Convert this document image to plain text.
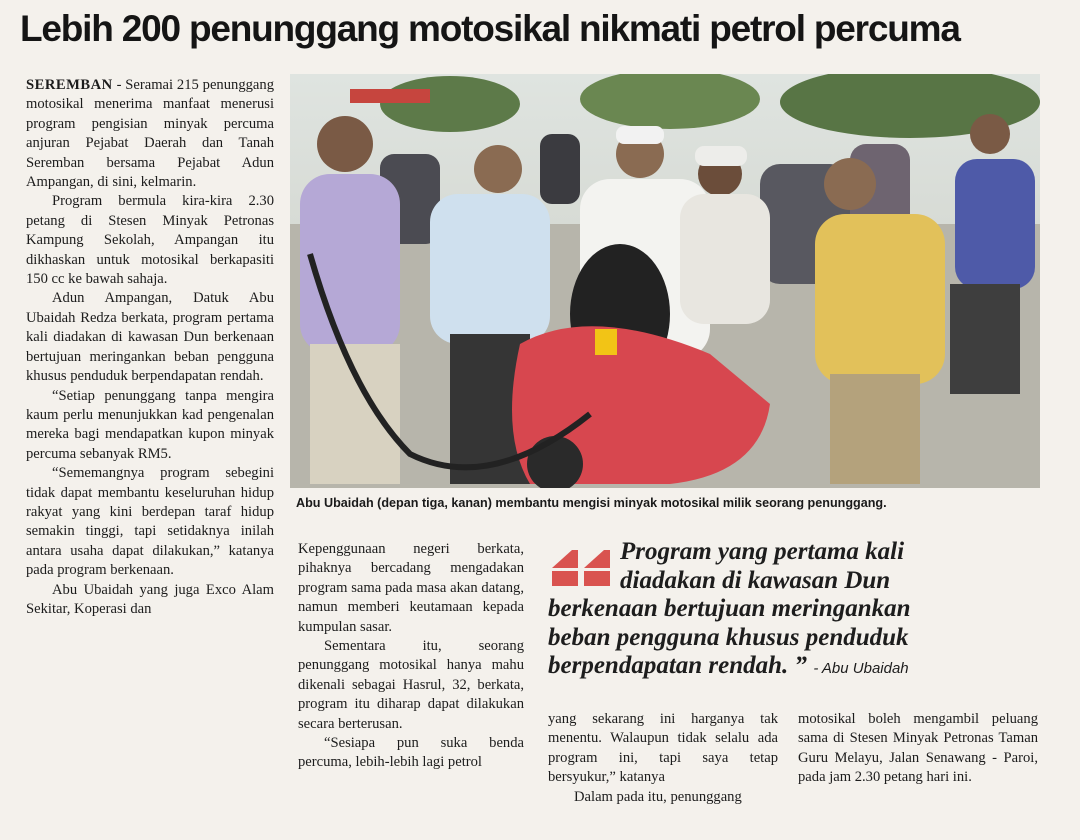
Lebih 200 penunggang motosikal nikmati petrol percuma

SEREMBAN - Seramai 215 penunggang motosikal menerima manfaat menerusi program pengisian minyak percuma anjuran Pejabat Daerah dan Tanah Seremban bersama Pejabat Adun Ampangan, di sini, kelmarin.

Program bermula kira-kira 2.30 petang di Stesen Minyak Petronas Kampung Sekolah, Ampangan itu dikhaskan untuk motosikal berkapasiti 150 cc ke bawah sahaja.

Adun Ampangan, Datuk Abu Ubaidah Redza berkata, program pertama kali diadakan di kawasan Dun berkenaan bertujuan meringankan beban pengguna khusus penduduk berpendapatan rendah.

“Setiap penunggang tanpa mengira kaum perlu menunjukkan kad pengenalan mereka bagi mendapatkan kupon minyak percuma sebanyak RM5.

“Sememangnya program sebegini tidak dapat membantu keseluruhan hidup rakyat yang kini berdepan taraf hidup semakin tinggi, tapi setidaknya inilah antara usaha dapat dilakukan,” katanya pada program berkenaan.

Abu Ubaidah yang juga Exco Alam Sekitar, Koperasi dan

Abu Ubaidah (depan tiga, kanan) membantu mengisi minyak motosikal milik seorang penunggang.

Kepenggunaan negeri berkata, pihaknya bercadang mengadakan program sama pada masa akan datang, namun memberi keutamaan kepada kumpulan sasar.

Sementara itu, seorang penunggang motosikal hanya mahu dikenali sebagai Hasrul, 32, berkata, program itu diharap dapat dilakukan secara berterusan.

“Sesiapa pun suka benda percuma, lebih-lebih lagi petrol

Program yang pertama kali
diadakan di kawasan Dun
berkenaan bertujuan meringankan
beban pengguna khusus penduduk
berpendapatan rendah. ” - Abu Ubaidah

yang sekarang ini harganya tak menentu. Walaupun tidak selalu ada program ini, tapi saya tetap bersyukur,” katanya

Dalam pada itu, penunggang

motosikal boleh mengambil peluang sama di Stesen Minyak Petronas Taman Guru Melayu, Jalan Senawang - Paroi, pada jam 2.30 petang hari ini.
